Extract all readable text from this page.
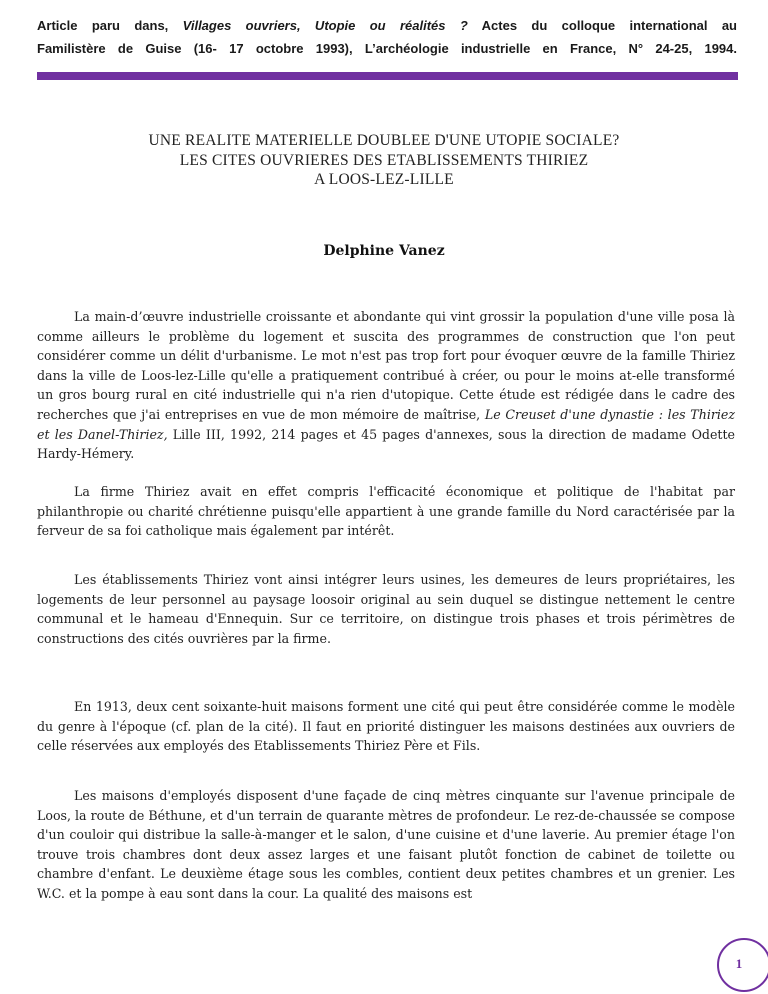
Article paru dans, Villages ouvriers, Utopie ou réalités ? Actes du colloque international au
Familistère de Guise (16- 17 octobre 1993), L’archéologie industrielle en France, N° 24-25, 1994.
UNE REALITE MATERIELLE DOUBLEE D'UNE UTOPIE SOCIALE?
LES CITES OUVRIERES DES ETABLISSEMENTS THIRIEZ
A LOOS-LEZ-LILLE
Delphine Vanez

La main-d’œuvre industrielle croissante et abondante qui vint grossir la population d'une ville posa là comme ailleurs le problème du logement et suscita des programmes de construction que l'on peut considérer comme un délit d'urbanisme. Le mot n'est pas trop fort pour évoquer œuvre de la famille Thiriez dans la ville de Loos-lez-Lille qu'elle a pratiquement contribué à créer, ou pour le moins at-elle transformé un gros bourg rural en cité industrielle qui n'a rien d'utopique. Cette étude est rédigée dans le cadre des recherches que j'ai entreprises en vue de mon mémoire de maîtrise, Le Creuset d'une dynastie : les Thiriez et les Danel-Thiriez, Lille III, 1992, 214 pages et 45 pages d'annexes, sous la direction de madame Odette Hardy-Hémery.

La firme Thiriez avait en effet compris l'efficacité économique et politique de l'habitat par philanthropie ou charité chrétienne puisqu'elle appartient à une grande famille du Nord caractérisée par la ferveur de sa foi catholique mais également par intérêt.

Les établissements Thiriez vont ainsi intégrer leurs usines, les demeures de leurs propriétaires, les logements de leur personnel au paysage loosoir original au sein duquel se distingue nettement le centre communal et le hameau d'Ennequin. Sur ce territoire, on distingue trois phases et trois périmètres de constructions des cités ouvrières par la firme.

En 1913, deux cent soixante-huit maisons forment une cité qui peut être considérée comme le modèle du genre à l'époque (cf. plan de la cité). Il faut en priorité distinguer les maisons destinées aux ouvriers de celle réservées aux employés des Etablissements Thiriez Père et Fils.

Les maisons d'employés disposent d'une façade de cinq mètres cinquante sur l'avenue principale de Loos, la route de Béthune, et d'un terrain de quarante mètres de profondeur. Le rez-de-chaussée se compose d'un couloir qui distribue la salle-à-manger et le salon, d'une cuisine et d'une laverie. Au premier étage l'on trouve trois chambres dont deux assez larges et une faisant plutôt fonction de cabinet de toilette ou chambre d'enfant. Le deuxième étage sous les combles, contient deux petites chambres et un grenier. Les W.C. et la pompe à eau sont dans la cour. La qualité des maisons est

1
